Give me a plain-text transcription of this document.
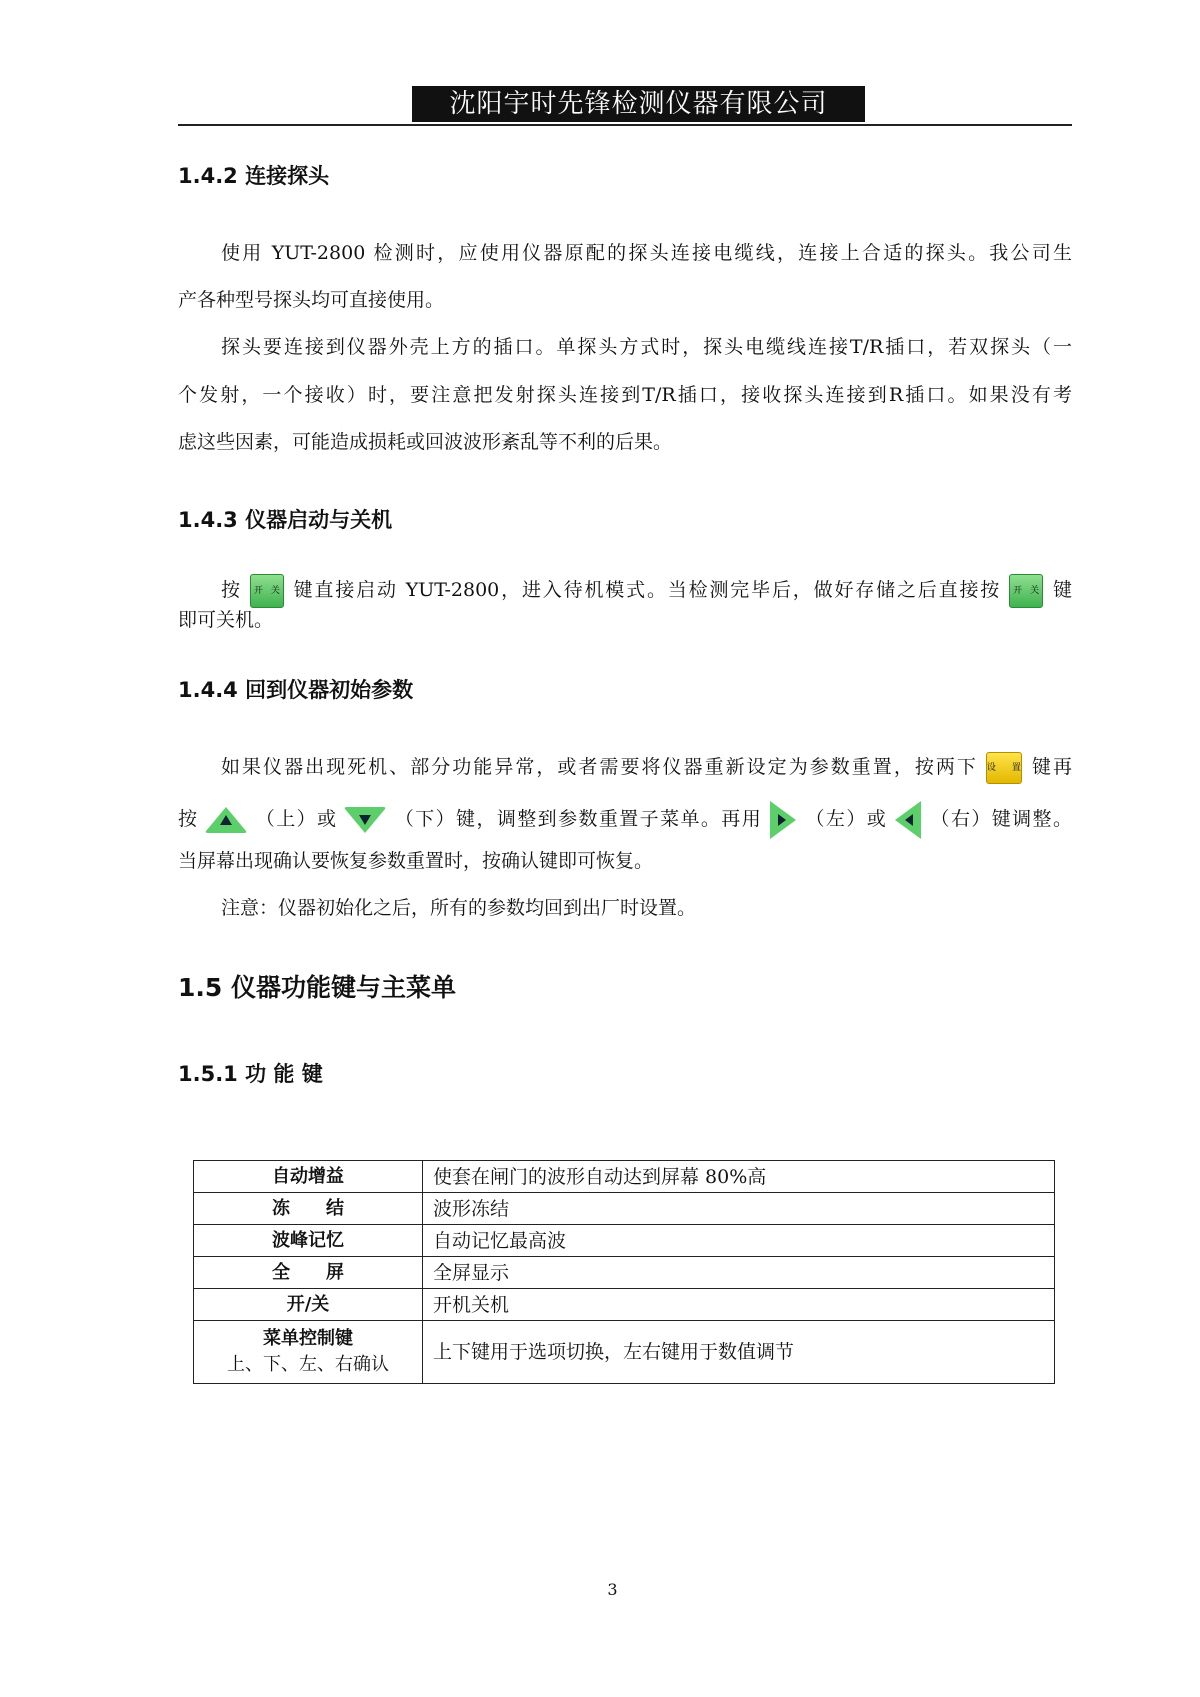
沈阳宇时先锋检测仪器有限公司
1.4.2 连接探头
使用 YUT-2800 检测时，应使用仪器原配的探头连接电缆线，连接上合适的探头。我公司生
产各种型号探头均可直接使用。
探头要连接到仪器外壳上方的插口。单探头方式时，探头电缆线连接T/R插口，若双探头（一
个发射，一个接收）时，要注意把发射探头连接到T/R插口，接收探头连接到R插口。如果没有考
虑这些因素，可能造成损耗或回波波形紊乱等不利的后果。
1.4.3 仪器启动与关机
按 开 关 键直接启动 YUT-2800，进入待机模式。当检测完毕后，做好存储之后直接按 开 关 键
即可关机。
1.4.4 回到仪器初始参数
如果仪器出现死机、部分功能异常，或者需要将仪器重新设定为参数重置，按两下 设置 键再
按	（上）或	（下）键，调整到参数重置子菜单。再用 （左）或 （右）键调整。
当屏幕出现确认要恢复参数重置时，按确认键即可恢复。
注意：仪器初始化之后，所有的参数均回到出厂时设置。
1.5 仪器功能键与主菜单
1.5.1 功 能 键
自动增益	使套在闸门的波形自动达到屏幕 80%高
冻　　结	波形冻结
波峰记忆	自动记忆最高波
全　　屏	全屏显示
开/关	开机关机

菜单控制键
上、下、左、右确认	上下键用于选项切换，左右键用于数值调节
3
